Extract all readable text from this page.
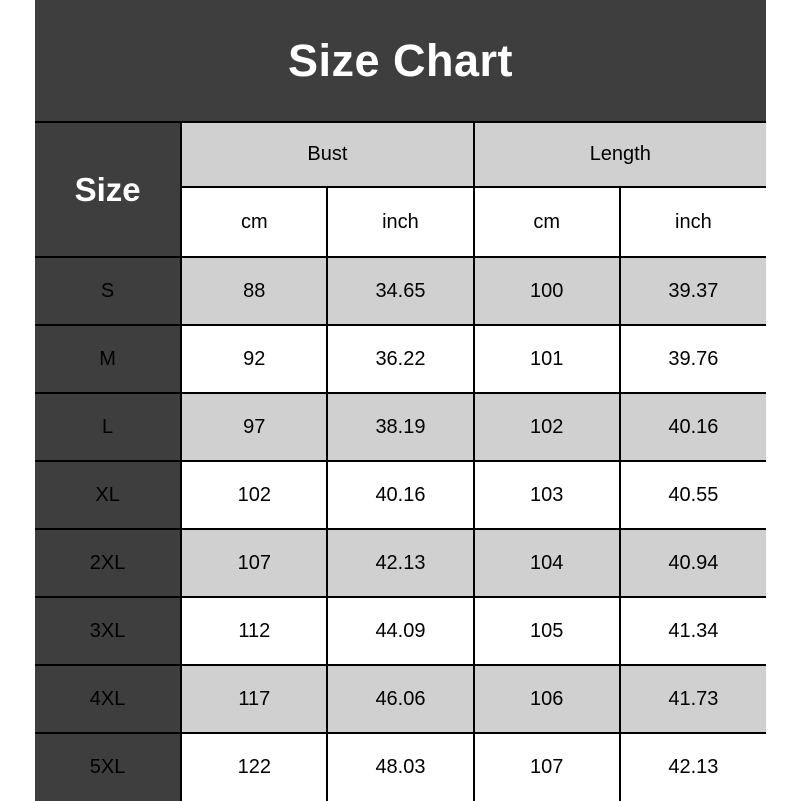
Size Chart
Size	Bust		Length	
	cm	inch	cm	inch
S	88	34.65	100	39.37
M	92	36.22	101	39.76
L	97	38.19	102	40.16
XL	102	40.16	103	40.55
2XL	107	42.13	104	40.94
3XL	112	44.09	105	41.34
4XL	117	46.06	106	41.73
5XL	122	48.03	107	42.13
